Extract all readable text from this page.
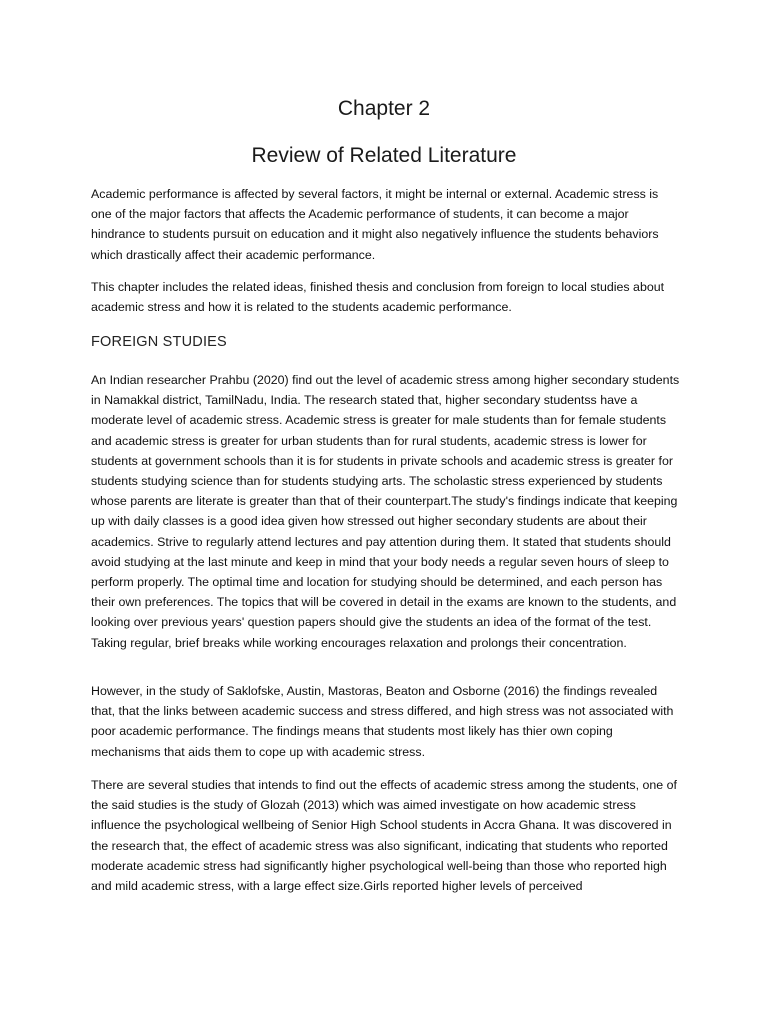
Chapter 2
Review of Related Literature

Academic performance is affected by several factors, it might be internal or external. Academic stress is one of the major factors that affects the Academic performance of students, it can become a major hindrance to students pursuit on education and it might also negatively influence the students behaviors which drastically affect their academic performance.

This chapter includes the related ideas, finished thesis and conclusion from foreign to local studies about academic stress and how it is related to the students academic performance.

FOREIGN STUDIES

An Indian researcher Prahbu (2020) find out the level of academic stress among higher secondary students in Namakkal district, TamilNadu, India. The research stated that, higher secondary studentss have a moderate level of academic stress. Academic stress is greater for male students than for female students and academic stress is greater for urban students than for rural students, academic stress is lower for students at government schools than it is for students in private schools and academic stress is greater for students studying science than for students studying arts. The scholastic stress experienced by students whose parents are literate is greater than that of their counterpart.The study's findings indicate that keeping up with daily classes is a good idea given how stressed out higher secondary students are about their academics. Strive to regularly attend lectures and pay attention during them. It stated that students should avoid studying at the last minute and keep in mind that your body needs a regular seven hours of sleep to perform properly. The optimal time and location for studying should be determined, and each person has their own preferences. The topics that will be covered in detail in the exams are known to the students, and looking over previous years' question papers should give the students an idea of the format of the test. Taking regular, brief breaks while working encourages relaxation and prolongs their concentration.

However, in the study of Saklofske, Austin, Mastoras, Beaton and Osborne (2016) the findings revealed that, that the links between academic success and stress differed, and high stress was not associated with poor academic performance. The findings means that students most likely has thier own coping mechanisms that aids them to cope up with academic stress.

There are several studies that intends to find out the effects of academic stress among the students, one of the said studies is the study of Glozah (2013) which was aimed investigate on how academic stress influence the psychological wellbeing of Senior High School students in Accra Ghana. It was discovered in the research that, the effect of academic stress was also significant, indicating that students who reported moderate academic stress had significantly higher psychological well-being than those who reported high and mild academic stress, with a large effect size.Girls reported higher levels of perceived
